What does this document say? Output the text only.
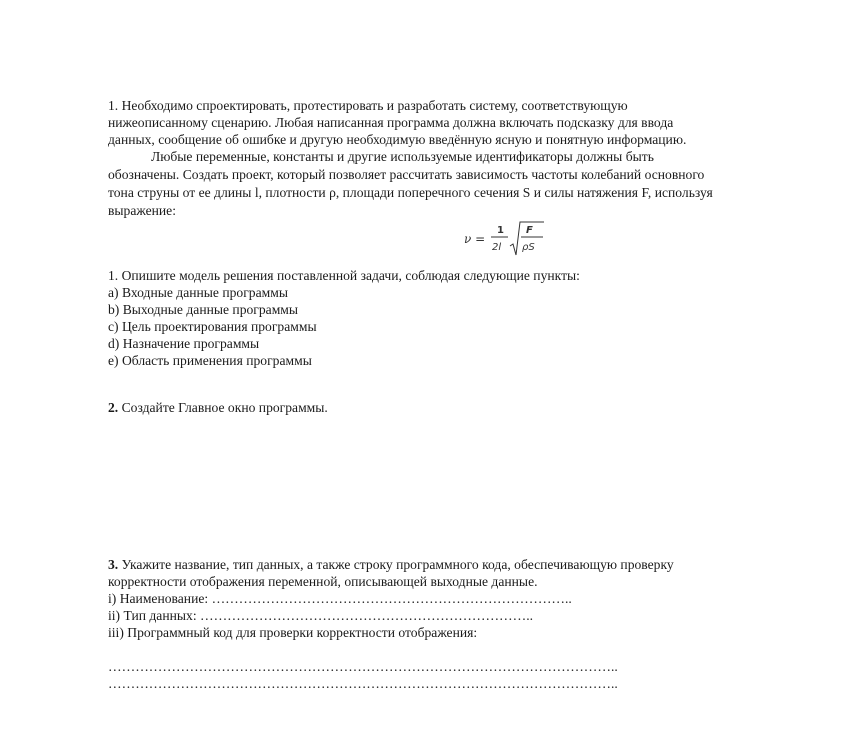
1. Необходимо спроектировать, протестировать и разработать систему, соответствующую
нижеописанному сценарию. Любая написанная программа должна включать подсказку для ввода
данных, сообщение об ошибке и другую необходимую введённую ясную и понятную информацию.
Любые переменные, константы и другие используемые идентификаторы должны быть
обозначены. Создать проект, который позволяет рассчитать зависимость частоты колебаний основного
тона струны от ее длины l, плотности ρ, площади поперечного сечения S и силы натяжения F, используя
выражение:
ν =
1
2l
F
ρS
1. Опишите модель решения поставленной задачи, соблюдая следующие пункты:
a) Входные данные программы
b) Выходные данные программы
c) Цель проектирования программы
d) Назначение программы
e) Область применения программы
2. Создайте Главное окно программы.
3. Укажите название, тип данных, а также строку программного кода, обеспечивающую проверку
корректности отображения переменной, описывающей выходные данные.
i) Наименование: ……………………………………………………………………..
ii) Тип данных: ………………………………………………………………..
iii) Программный код для проверки корректности отображения:
…………………………………………………………………………………………………..
…………………………………………………………………………………………………..
